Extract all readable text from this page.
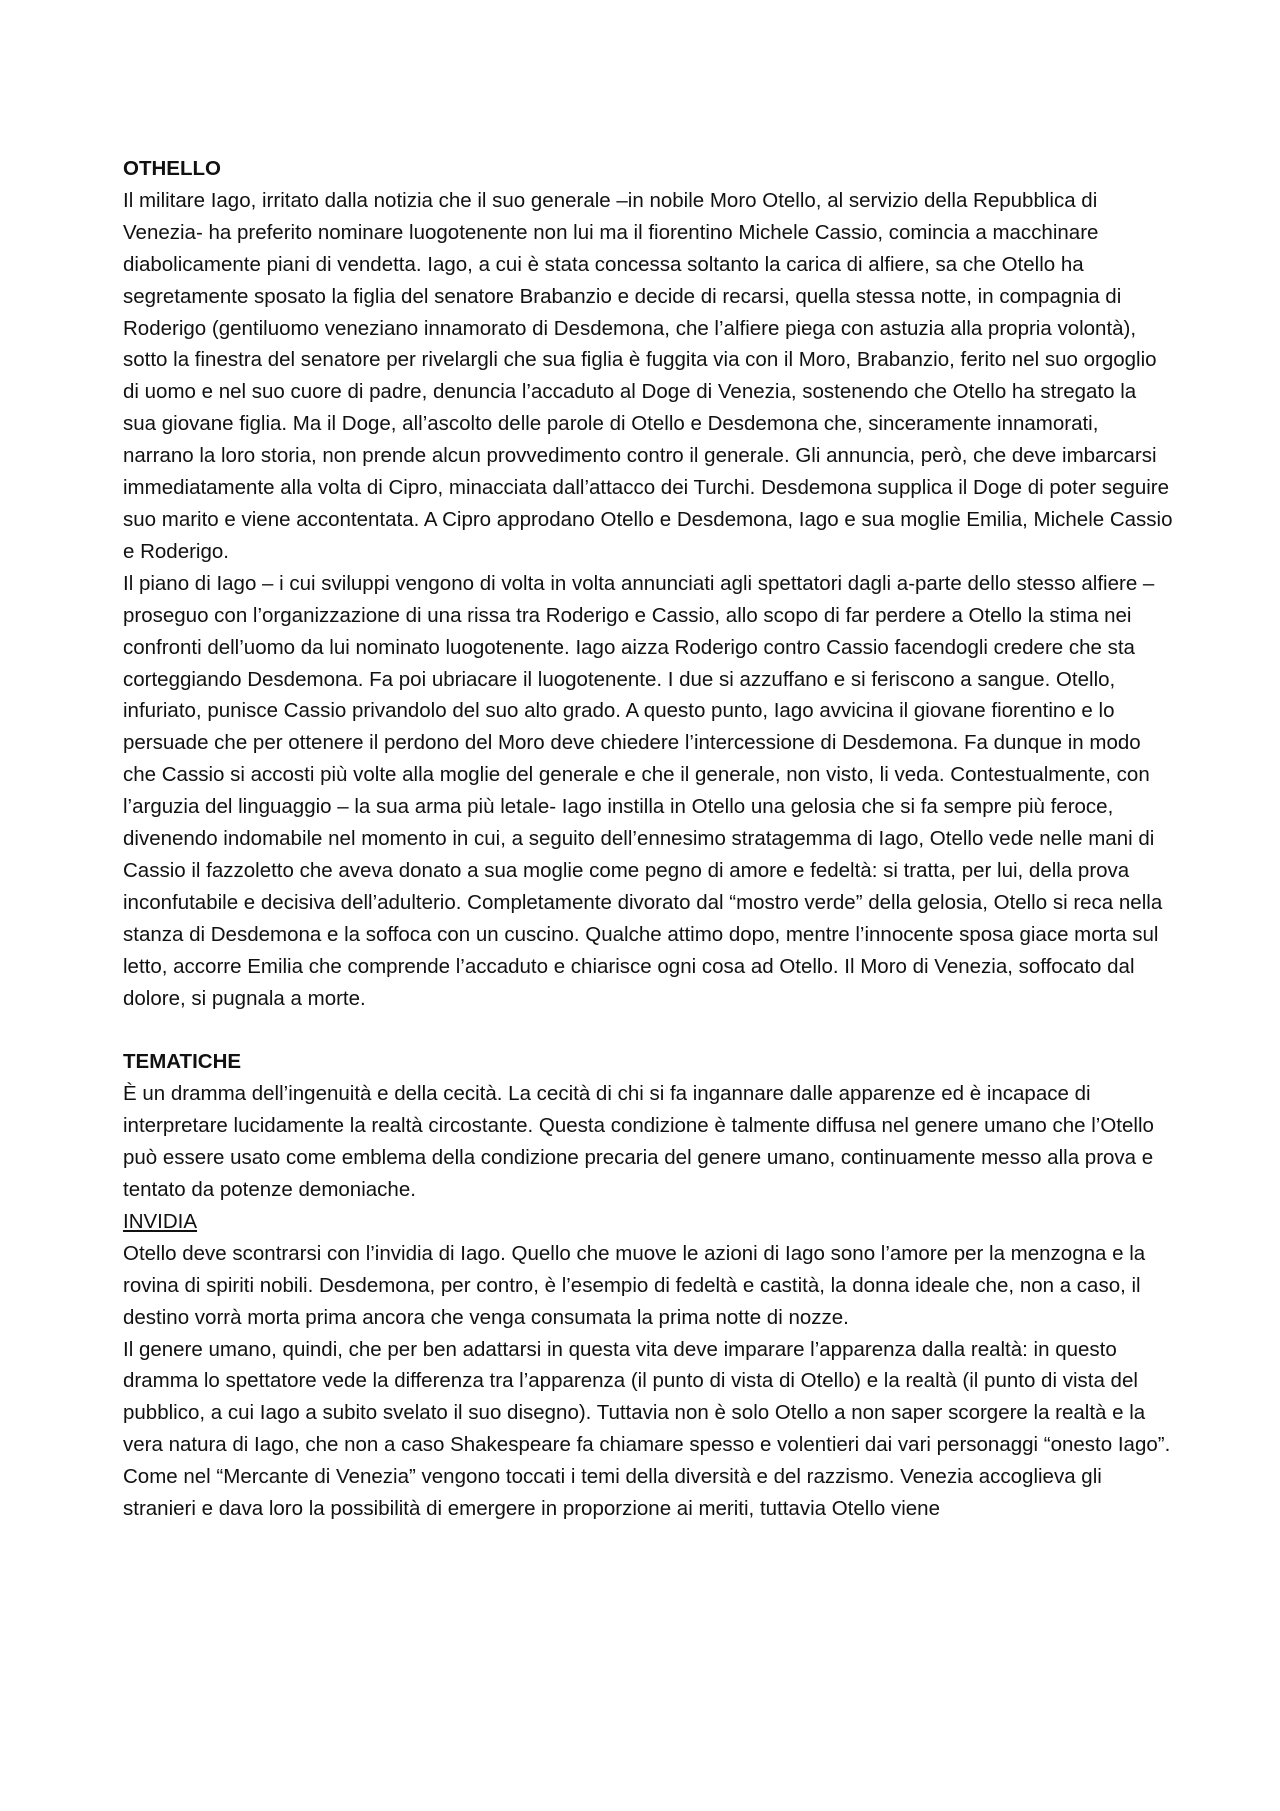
OTHELLO

Il militare Iago, irritato dalla notizia che il suo generale –in nobile Moro Otello, al servizio della Repubblica di Venezia- ha preferito nominare luogotenente non lui ma il fiorentino Michele Cassio, comincia a macchinare diabolicamente piani di vendetta. Iago, a cui è stata concessa soltanto la carica di alfiere, sa che Otello ha segretamente sposato la figlia del senatore Brabanzio e decide di recarsi, quella stessa notte, in compagnia di Roderigo (gentiluomo veneziano innamorato di Desdemona, che l’alfiere piega con astuzia alla propria volontà), sotto la finestra del senatore per rivelargli che sua figlia è fuggita via con il Moro, Brabanzio, ferito nel suo orgoglio di uomo e nel suo cuore di padre, denuncia l’accaduto al Doge di Venezia, sostenendo che Otello ha stregato la sua giovane figlia. Ma il Doge, all’ascolto delle parole di Otello e Desdemona che, sinceramente innamorati, narrano la loro storia, non prende alcun provvedimento contro il generale. Gli annuncia, però, che deve imbarcarsi immediatamente alla volta di Cipro, minacciata dall’attacco dei Turchi. Desdemona supplica il Doge di poter seguire suo marito e viene accontentata. A Cipro approdano Otello e Desdemona, Iago e sua moglie Emilia, Michele Cassio e Roderigo.

Il piano di Iago – i cui sviluppi vengono di volta in volta annunciati agli spettatori dagli a-parte dello stesso alfiere – proseguo con l’organizzazione di una rissa tra Roderigo e Cassio, allo scopo di far perdere a Otello la stima nei confronti dell’uomo da lui nominato luogotenente. Iago aizza Roderigo contro Cassio facendogli credere che sta corteggiando Desdemona. Fa poi ubriacare il luogotenente. I due si azzuffano e si feriscono a sangue. Otello, infuriato, punisce Cassio privandolo del suo alto grado. A questo punto, Iago avvicina il giovane fiorentino e lo persuade che per ottenere il perdono del Moro deve chiedere l’intercessione di Desdemona. Fa dunque in modo che Cassio si accosti più volte alla moglie del generale e che il generale, non visto, li veda. Contestualmente, con l’arguzia del linguaggio – la sua arma più letale- Iago instilla in Otello una gelosia che si fa sempre più feroce, divenendo indomabile nel momento in cui, a seguito dell’ennesimo stratagemma di Iago, Otello vede nelle mani di Cassio il fazzoletto che aveva donato a sua moglie come pegno di amore e fedeltà: si tratta, per lui, della prova inconfutabile e decisiva dell’adulterio. Completamente divorato dal “mostro verde” della gelosia, Otello si reca nella stanza di Desdemona e la soffoca con un cuscino. Qualche attimo dopo, mentre l’innocente sposa giace morta sul letto, accorre Emilia che comprende l’accaduto e chiarisce ogni cosa ad Otello. Il Moro di Venezia, soffocato dal dolore, si pugnala a morte.

TEMATICHE

È un dramma dell’ingenuità e della cecità. La cecità di chi si fa ingannare dalle apparenze ed è incapace di interpretare lucidamente la realtà circostante. Questa condizione è talmente diffusa nel genere umano che l’Otello può essere usato come emblema della condizione precaria del genere umano, continuamente messo alla prova e tentato da potenze demoniache.

INVIDIA

Otello deve scontrarsi con l’invidia di Iago. Quello che muove le azioni di Iago sono l’amore per la menzogna e la rovina di spiriti nobili. Desdemona, per contro, è l’esempio di fedeltà e castità, la donna ideale che, non a caso, il destino vorrà morta prima ancora che venga consumata la prima notte di nozze.

Il genere umano, quindi, che per ben adattarsi in questa vita deve imparare l’apparenza dalla realtà: in questo dramma lo spettatore vede la differenza tra l’apparenza (il punto di vista di Otello) e la realtà (il punto di vista del pubblico, a cui Iago a subito svelato il suo disegno). Tuttavia non è solo Otello a non saper scorgere la realtà e la vera natura di Iago, che non a caso Shakespeare fa chiamare spesso e volentieri dai vari personaggi “onesto Iago”. Come nel “Mercante di Venezia” vengono toccati i temi della diversità e del razzismo. Venezia accoglieva gli stranieri e dava loro la possibilità di emergere in proporzione ai meriti, tuttavia Otello viene
